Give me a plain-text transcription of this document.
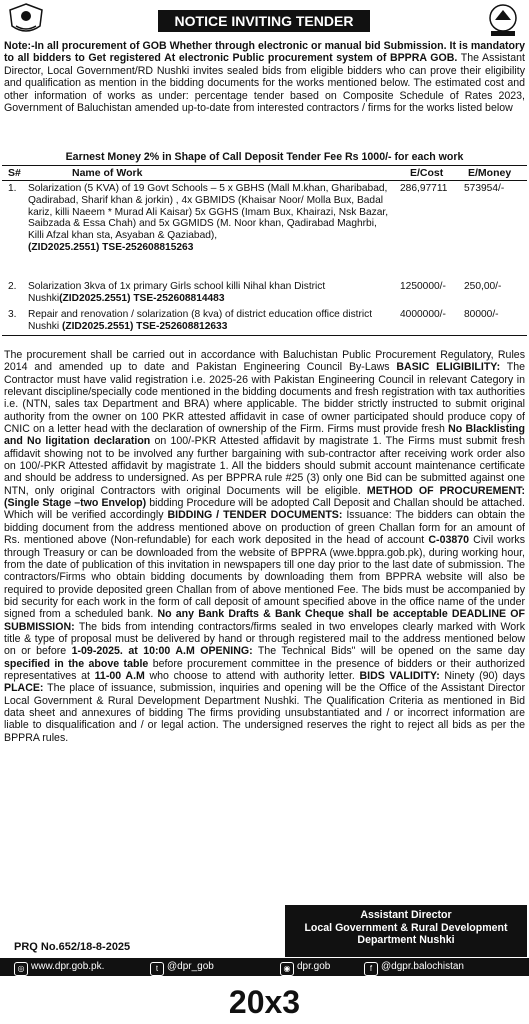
NOTICE INVITING TENDER
Note:-In all procurement of GOB Whether through electronic or manual bid Submission. It is mandatory to all bidders to Get registered At electronic Public procurement system of BPPRA GOB. The Assistant Director, Local Government/RD Nushki invites sealed bids from eligible bidders who can prove their eligibility and qualification as mention in the bidding documents for the works mentioned below. The estimated cost and other information of works as under: percentage tender based on Composite Schedule of Rates 2023, Government of Baluchistan amended up-to-date from interested contractors / firms for the works listed below
Earnest Money 2% in Shape of Call Deposit Tender Fee Rs 1000/- for each work
S#	Name of Work	E/Cost E/Money
1. Solarization (5 KVA) of 19 Govt Schools – 5 x GBHS (Mall M.khan, Gharibabad, Qadirabad, Sharif khan & jorkin) , 4x GBMIDS (Khaisar Noor/ Molla Bux, Badal kariz, killi Naeem * Murad Ali Kaisar) 5x GGHS (Imam Bux, Khairazi, Nsk Bazar, Saibzada & Essa Chah) and 5x GGMIDS (M. Noor khan, Qadirabad Maghrbi, Killi Afzal khan sta, Asyaban & Qaziabad),
(ZID2025.2551) TSE-252608815263
286,97711	573954/-
2. Solarization 3kva of 1x primary Girls school killi Nihal khan District Nushki(ZID2025.2551) TSE-252608814483
1250000/-	250,00/-
3. Repair and renovation / solarization (8 kva) of district education office district Nushki (ZID2025.2551) TSE-252608812633
4000000/-	80000/-
The procurement shall be carried out in accordance with Baluchistan Public Procurement Regulatory, Rules 2014 and amended up to date and Pakistan Engineering Council By-Laws BASIC ELIGIBILITY: The Contractor must have valid registration i.e. 2025-26 with Pakistan Engineering Council in relevant Category in relevant discipline/specially code mentioned in the bidding documents and fresh registration with tax authorities i.e. (NTN, sales tax Department and BRA) where applicable. The bidder strictly instructed to submit original authority from the owner on 100 PKR attested affidavit in case of owner participated should produce copy of CNIC on a letter head with the declaration of ownership of the Firm. Firms must provide fresh No Blacklisting and No ligitation declaration on 100/-PKR Attested affidavit by magistrate 1. The Firms must submit fresh affidavit showing not to be involved any further bargaining with sub-contractor after receiving work order also on 100/-PKR Attested affidavit by magistrate 1. All the bidders should submit account maintenance certificate and should be address to undersigned. As per BPPRA rule #25 (3) only one Bid can be submitted against one NTN, only original Contractors with original Documents will be eligible. METHOD OF PROCUREMENT: (Single Stage –two Envelop) bidding Procedure will be adopted Call Deposit and Challan should be attached. Which will be verified accordingly BIDDING / TENDER DOCUMENTS: Issuance: The bidders can obtain the bidding document from the address mentioned above on production of green Challan form for an amount of Rs. mentioned above (Non-refundable) for each work deposited in the head of account C-03870 Civil works through Treasury or can be downloaded from the website of BPPRA (wwe.bppra.gob.pk), during working hour, from the date of publication of this invitation in newspapers till one day prior to the last date of submission. The contractors/Firms who obtain bidding documents by downloading them from BPPRA website will also be required to provide deposited green Challan from of above mentioned Fee. The bids must be accompanied by bid security for each work in the form of call deposit of amount specified above in the office name of the under signed from a scheduled bank. No any Bank Drafts & Bank Cheque shall be acceptable DEADLINE OF SUBMISSION: The bids from intending contractors/firms sealed in two envelopes clearly marked with Work title & type of proposal must be delivered by hand or through registered mail to the address mentioned below on or before 1-09-2025. at 10:00 A.M OPENING: The Technical Bids" will be opened on the same day specified in the above table before procurement committee in the presence of bidders or their authorized representatives at 11-00 A.M who choose to attend with authority letter. BIDS VALIDITY: Ninety (90) days PLACE: The place of issuance, submission, inquiries and opening will be the Office of the Assistant Director Local Government & Rural Development Department Nushki. The Qualification Criteria as mentioned in Bid data sheet and annexures of bidding The firms providing unsubstantiated and / or incorrect information are liable to disqualification and / or legal action. The undersigned reserves the right to reject all bids as per the BPPRA rules.
PRQ No.652/18-8-2025
Assistant Director
Local Government & Rural Development
Department Nushki
◎ www.dpr.gob.pk.	t @dpr_gob	◉ dpr.gob	f @dgpr.balochistan
20x3
